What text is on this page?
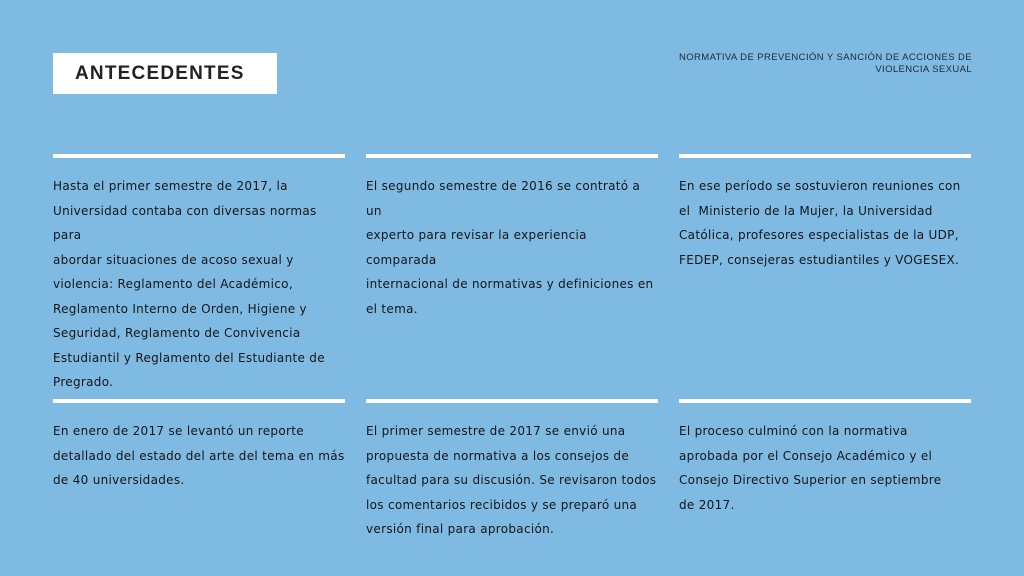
ANTECEDENTES
NORMATIVA DE PREVENCIÓN Y SANCIÓN DE ACCIONES DE
VIOLENCIA SEXUAL
Hasta el primer semestre de 2017, la
Universidad contaba con diversas normas para
abordar situaciones de acoso sexual y
violencia: Reglamento del Académico,
Reglamento Interno de Orden, Higiene y
Seguridad, Reglamento de Convivencia
Estudiantil y Reglamento del Estudiante de
Pregrado.
El segundo semestre de 2016 se contrató a un
experto para revisar la experiencia comparada
internacional de normativas y definiciones en
el tema.
En ese período se sostuvieron reuniones con
el  Ministerio de la Mujer, la Universidad
Católica, profesores especialistas de la UDP,
FEDEP, consejeras estudiantiles y VOGESEX.
En enero de 2017 se levantó un reporte
detallado del estado del arte del tema en más
de 40 universidades.
El primer semestre de 2017 se envió una
propuesta de normativa a los consejos de
facultad para su discusión. Se revisaron todos
los comentarios recibidos y se preparó una
versión final para aprobación.
El proceso culminó con la normativa
aprobada por el Consejo Académico y el
Consejo Directivo Superior en septiembre
de 2017.
